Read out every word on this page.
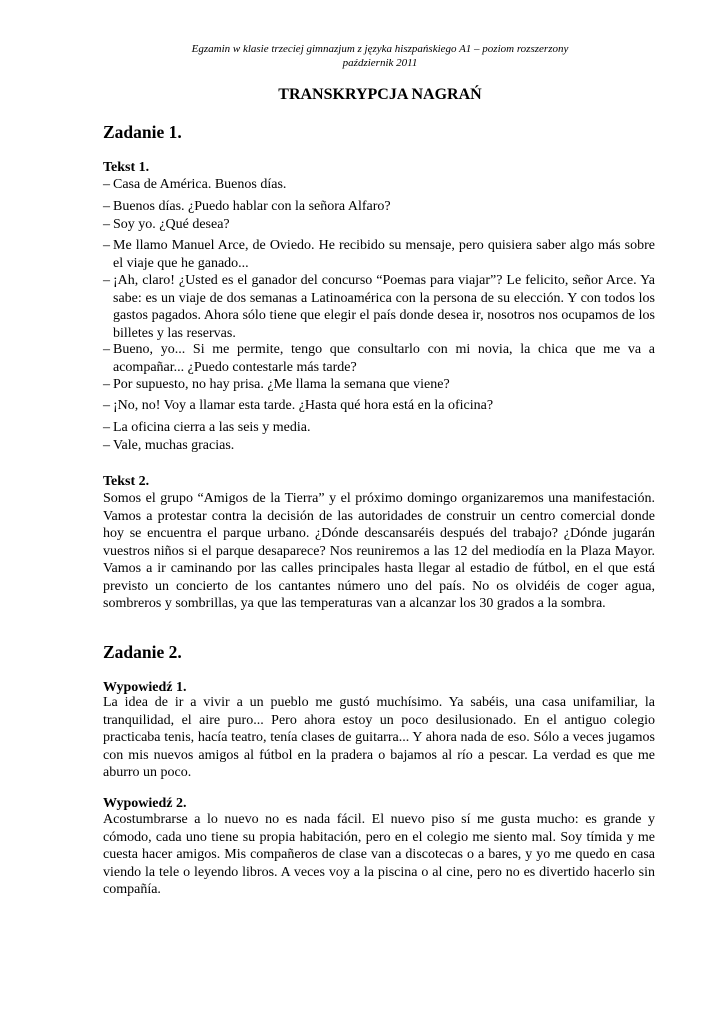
Egzamin w klasie trzeciej gimnazjum z języka hiszpańskiego A1 – poziom rozszerzony
październik 2011
TRANSKRYPCJA NAGRAŃ
Zadanie 1.
Tekst 1.
– Casa de América. Buenos días.
– Buenos días. ¿Puedo hablar con la señora Alfaro?
– Soy yo. ¿Qué desea?
– Me llamo Manuel Arce, de Oviedo. He recibido su mensaje, pero quisiera saber algo más sobre el viaje que he ganado...
– ¡Ah, claro! ¿Usted es el ganador del concurso “Poemas para viajar”? Le felicito, señor Arce. Ya sabe: es un viaje de dos semanas a Latinoamérica con la persona de su elección. Y con todos los gastos pagados. Ahora sólo tiene que elegir el país donde desea ir, nosotros nos ocupamos de los billetes y las reservas.
– Bueno, yo... Si me permite, tengo que consultarlo con mi novia, la chica que me va a acompañar... ¿Puedo contestarle más tarde?
– Por supuesto, no hay prisa. ¿Me llama la semana que viene?
– ¡No, no! Voy a llamar esta tarde. ¿Hasta qué hora está en la oficina?
– La oficina cierra a las seis y media.
– Vale, muchas gracias.
Tekst 2.

Somos el grupo “Amigos de la Tierra” y el próximo domingo organizaremos una manifestación. Vamos a protestar contra la decisión de las autoridades de construir un centro comercial donde hoy se encuentra el parque urbano. ¿Dónde descansaréis después del trabajo? ¿Dónde jugarán vuestros niños si el parque desaparece? Nos reuniremos a las 12 del mediodía en la Plaza Mayor. Vamos a ir caminando por las calles principales hasta llegar al estadio de fútbol, en el que está previsto un concierto de los cantantes número uno del país. No os olvidéis de coger agua, sombreros y sombrillas, ya que las temperaturas van a alcanzar los 30 grados a la sombra.

Zadanie 2.
Wypowiedź 1.

La idea de ir a vivir a un pueblo me gustó muchísimo. Ya sabéis, una casa unifamiliar, la tranquilidad, el aire puro... Pero ahora estoy un poco desilusionado. En el antiguo colegio practicaba tenis, hacía teatro, tenía clases de guitarra... Y ahora nada de eso. Sólo a veces jugamos con mis nuevos amigos al fútbol en la pradera o bajamos al río a pescar. La verdad es que me aburro un poco.

Wypowiedź 2.

Acostumbrarse a lo nuevo no es nada fácil. El nuevo piso sí me gusta mucho: es grande y cómodo, cada uno tiene su propia habitación, pero en el colegio me siento mal. Soy tímida y me cuesta hacer amigos. Mis compañeros de clase van a discotecas o a bares, y yo me quedo en casa viendo la tele o leyendo libros. A veces voy a la piscina o al cine, pero no es divertido hacerlo sin compañía.
